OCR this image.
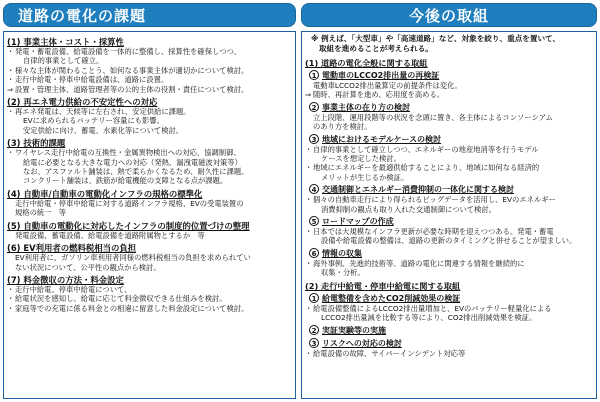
道路の電化の課題
(1) 事業主体・コスト・採算性
・ 発電・蓄電設備、給電設備を一体的に整備し、採算性を確保しつつ、
自律的事業として確立。
・ 様々な主体が関わることう、如何なる事業主体が適切かについて検討。
・ 走行中給電・停車中給電設備は、道路に設置。
⇒ 設置・管理主体、道路管理者等の公的主体の役割・責任について検討。
(2) 再エネ電力供給の不安定性への対応
・ 再エネ発電は、天候等に左右され、安定供給に課題。
EVに求められるバッテリー容量にも影響。
安定供給に向け、蓄電、水素化等について検討。
(3) 技術的課題
・ ワイヤレス走行中給電の互換性・金属異物検出への対応、協調制御、
給電に必要となる大きな電力への対応（発熱、漏洩電磁波対策等）
なお、アスファルト舗装は、熱で柔らかくなるため、耐久性に課題。
コンクリート舗装は、鉄筋が給電機能の支障となる点が課題。
(4) 自動車/自動車の電動化インフラの規格の標準化
走行中給電・停車中給電に対する道路インフラ規格、EVの受電装置の
規格の統一　等
(5) 自動車の電動化に対応したインフラの制度的位置づけの整理
発電設備、蓄電設備、給電設備を道路附属物とするか　等
(6) EV利用者の燃料税相当の負担
EV利用者に、ガソリン車利用者同様の燃料税相当の負担を求められてい
ない状況について、公平性の観点から検討。
(7) 料金徴収の方法・料金設定
・ 走行中給電、停車中給電について、
・ 給電状況を感知し、給電に応じて料金徴収できる仕組みを検討。
・ 家庭等での充電に係る料金との相違に留意した料金設定について検討。
今後の取組
※ 例えば、「大型車」や「高速道路」など、対象を絞り、重点を置いて、
取組を進めることが考えられる。
(1) 道路の電化全般に関する取組
1 電動車のLCCO2排出量の再検証
電動車LCCO2排出量算定の前提条件は変化。
⇒ 随時、再計算を進め、応用度を高める。
2 事業主体の在り方の検討
立上段階、運用段階等の状況を念頭に置き、各主体によるコンソーシアム
のあり方を検討。
3 地域におけるモデルケースの検討
・ 自律的事業として確立しつつ、エネルギーの地産地消等を行うモデル
ケースを想定した検討。
・ 地域にエネルギーを最適供給することにより、地域に如何なる経済的
メリットが生じるか検証。
4 交通制御とエネルギー消費抑制の一体化に関する検討
・ 個々の自動車走行により得られるビッグデータを活用し、EVのエネルギー
消費抑制の観点も取り入れた交通制御について検討。
5 ロードマップの作成
・ 日本では大規模なインフラ更新が必要な時期を迎えつつある。発電・蓄電
設備や給電設備の整備は、道路の更新のタイミングと併せることが望ましい。
6 情報の収集
・ 海外事例、先進的技術等、道路の電化に関連する情報を継続的に
収集・分析。
(2) 走行中給電・停車中給電に関する取組
1 給電整備を含めたCO2削減効果の検証
・ 給電設備整備によるLCCO2排出量増加と、EVのバッテリー軽量化による
LCCO2排出量減を比較する等により、CO2排出削減効果を検証。
2 実証実験等の実施
3 リスクへの対応の検討
・ 給電設備の故障、サイバーインシデント対応等
